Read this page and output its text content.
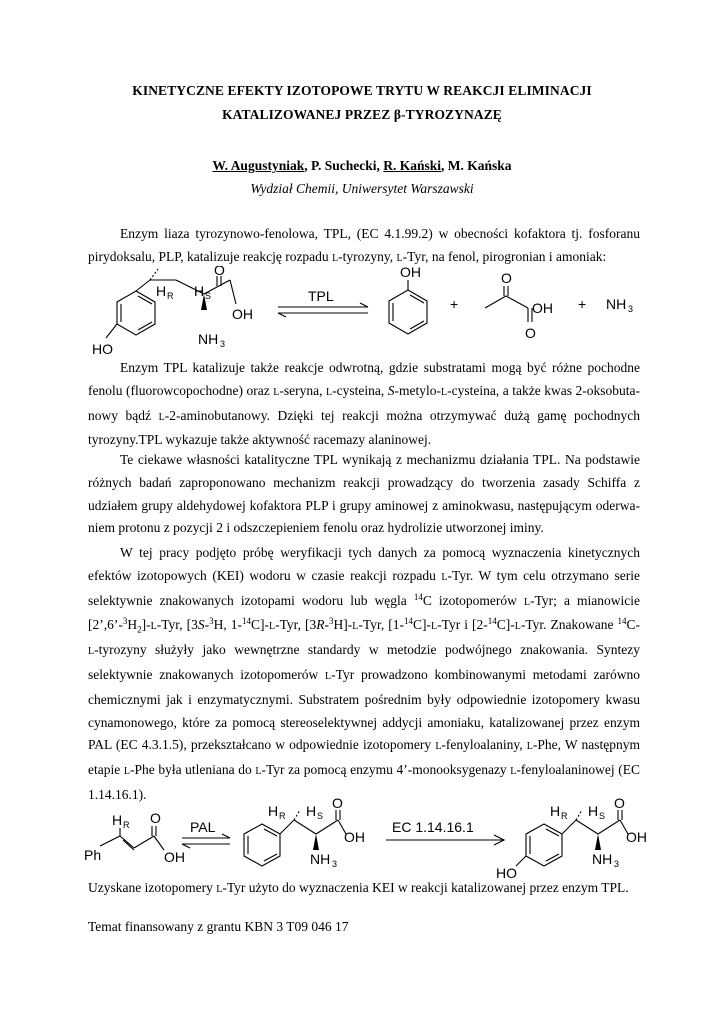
KINETYCZNE EFEKTY IZOTOPOWE TRYTU W REAKCJI ELIMINACJI
KATALIZOWANEJ PRZEZ β-TYROZYNAZĘ
W. Augustyniak, P. Suchecki, R. Kański, M. Kańska
Wydział Chemii, Uniwersytet Warszawski
Enzym liaza tyrozynowo-fenolowa, TPL, (EC 4.1.99.2) w obecności kofaktora tj. fosforanu pirydoksalu, PLP, katalizuje reakcję rozpadu L-tyrozyny, L-Tyr, na fenol, pirogronian i amoniak:
H R H S
O
OH
NH 3
HO
TPL
OH
+
O
OH
O
+ NH 3
Enzym TPL katalizuje także reakcje odwrotną, gdzie substratami mogą być różne pochodne fenolu (fluorowcopochodne) oraz L-seryna, L-cysteina, S-metylo-L-cysteina, a także kwas 2-oksobuta-nowy bądź L-2-aminobutanowy. Dzięki tej reakcji można otrzymywać dużą gamę pochodnych tyrozyny.TPL wykazuje także aktywność racemazy alaninowej.
Te ciekawe własności katalityczne TPL wynikają z mechanizmu działania TPL. Na podstawie różnych badań zaproponowano mechanizm reakcji prowadzący do tworzenia zasady Schiffa z udziałem grupy aldehydowej kofaktora PLP i grupy aminowej z aminokwasu, następującym oderwa-niem protonu z pozycji 2 i odszczepieniem fenolu oraz hydrolizie utworzonej iminy.
W tej pracy podjęto próbę weryfikacji tych danych za pomocą wyznaczenia kinetycznych efektów izotopowych (KEI) wodoru w czasie reakcji rozpadu L-Tyr. W tym celu otrzymano serie selektywnie znakowanych izotopami wodoru lub węgla $^{14}$C izotopomerów L-Tyr; a mianowicie $[2’,6’-^3H_2]-L$-Tyr, [3S-$^3$H, 1-$^{14}$C]-L-Tyr, [3R-$^3$H]-L-Tyr, [1-$^{14}$C]-L-Tyr i [2-$^{14}$C]-L-Tyr. Znakowane $^{14}$C-L-tyrozyny służyły jako wewnętrzne standardy w metodzie podwójnego znakowania. Syntezy selektywnie znakowanych izotopomerów L-Tyr prowadzono kombinowanymi metodami zarówno chemicznymi jak i enzymatycznymi. Substratem pośrednim były odpowiednie izotopomery kwasu cynamonowego, które za pomocą stereoselektywnej addycji amoniaku, katalizowanej przez enzym PAL (EC 4.3.1.5), przekształcano w odpowiednie izotopomery L-fenyloalaniny, L-Phe, W następnym etapie L-Phe była utleniana do L-Tyr za pomocą enzymu 4’-monooksygenazy L-fenyloalaninowej (EC 1.14.16.1).
H R O
Ph	OH
PAL
H R H S
O
OH
NH 3
EC 1.14.16.1
H R H S
O
OH
NH 3
HO
Uzyskane izotopomery L-Tyr użyto do wyznaczenia KEI w reakcji katalizowanej przez enzym TPL.
Temat finansowany z grantu KBN 3 T09 046 17
